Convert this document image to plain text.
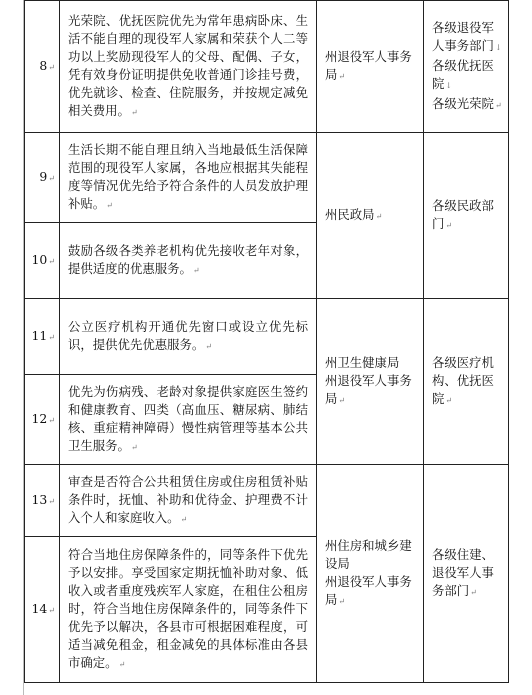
8↵	光荣院、优抚医院优先为常年患病卧床、生活不能自理的现役军人家属和荣获个人二等功以上奖励现役军人的父母、配偶、子女，凭有效身份证明提供免收普通门诊挂号费，优先就诊、检查、住院服务，并按规定减免相关费用。↵	州退役军人事务局↵	各级退役军人事务部门↓
各级优抚医院↓
各级光荣院↵

9↵	生活长期不能自理且纳入当地最低生活保障范围的现役军人家属，各地应根据其失能程度等情况优先给予符合条件的人员发放护理补贴。↵	州民政局↵	各级民政部门↵
10↵	鼓励各级各类养老机构优先接收老年对象，提供适度的优惠服务。↵		
11↵	公立医疗机构开通优先窗口或设立优先标识，提供优先优惠服务。↵	州卫生健康局
州退役军人事务局↵	各级医疗机构、优抚医院↵
12↵	优先为伤病残、老龄对象提供家庭医生签约和健康教育、四类（高血压、糖尿病、肺结核、重症精神障碍）慢性病管理等基本公共卫生服务。↵		
13↵	审查是否符合公共租赁住房或住房租赁补贴条件时，抚恤、补助和优待金、护理费不计入个人和家庭收入。↵	州住房和城乡建设局
州退役军人事务局↵	各级住建、退役军人事务部门↵
14↵	符合当地住房保障条件的，同等条件下优先予以安排。享受国家定期抚恤补助对象、低收入或者重度残疾军人家庭，在租住公租房时，符合当地住房保障条件的，同等条件下优先予以解决，各县市可根据困难程度，可适当减免租金，租金减免的具体标准由各县市确定。↵		
